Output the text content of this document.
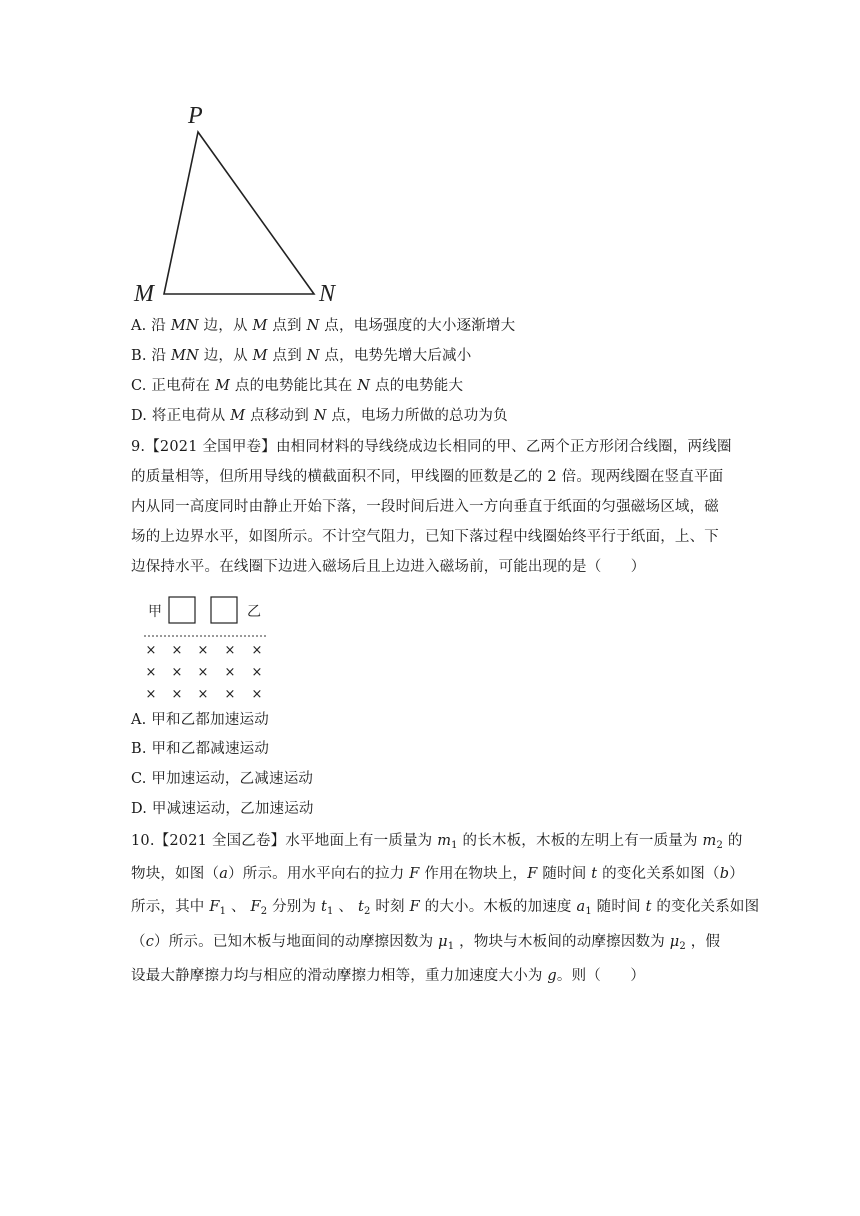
P
M	N
A. 沿 MN 边，从 M 点到 N 点，电场强度的大小逐渐增大
B. 沿 MN 边，从 M 点到 N 点，电势先增大后减小
C. 正电荷在 M 点的电势能比其在 N 点的电势能大
D. 将正电荷从 M 点移动到 N 点，电场力所做的总功为负
9.【2021 全国甲卷】由相同材料的导线绕成边长相同的甲、乙两个正方形闭合线圈，两线圈
的质量相等，但所用导线的横截面积不同，甲线圈的匝数是乙的 2 倍。现两线圈在竖直平面
内从同一高度同时由静止开始下落，一段时间后进入一方向垂直于纸面的匀强磁场区域，磁
场的上边界水平，如图所示。不计空气阻力，已知下落过程中线圈始终平行于纸面，上、下
边保持水平。在线圈下边进入磁场后且上边进入磁场前，可能出现的是（　　）
甲	乙
× × × × ×
× × × × ×
× × × × ×
A. 甲和乙都加速运动
B. 甲和乙都减速运动
C. 甲加速运动，乙减速运动
D. 甲减速运动，乙加速运动
10.【2021 全国乙卷】水平地面上有一质量为 $m_1$ 的长木板，木板的左明上有一质量为 $m_2$ 的
物块，如图（a）所示。用水平向右的拉力 F 作用在物块上，F 随时间 t 的变化关系如图（b）
所示，其中 $F_1$ 、 $F_2$ 分别为 $t_1$ 、 $t_2$ 时刻 F 的大小。木板的加速度 $a_1$ 随时间 t 的变化关系如图
（c）所示。已知木板与地面间的动摩擦因数为 $\mu_1$ ，物块与木板间的动摩擦因数为 $\mu_2$ ，假
设最大静摩擦力均与相应的滑动摩擦力相等，重力加速度大小为 g。则（　　）
